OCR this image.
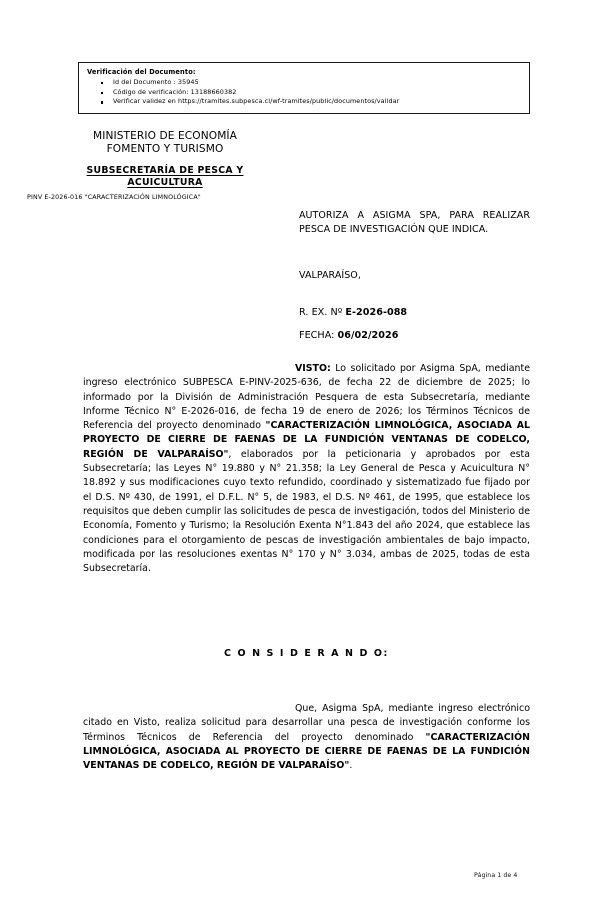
Verificación del Documento:
Id del Documento : 35945
Código de verificación: 13188660382
Verificar validez en https://tramites.subpesca.cl/wf-tramites/public/documentos/validar
MINISTERIO DE ECONOMÍA
FOMENTO Y TURISMO
SUBSECRETARÍA DE PESCA Y
ACUICULTURA
PINV E-2026-016 "CARACTERIZACIÓN LIMNOLÓGICA"
AUTORIZA A ASIGMA SPA, PARA REALIZAR PESCA DE INVESTIGACIÓN QUE INDICA.
VALPARAÍSO,
R. EX. Nº E-2026-088
FECHA: 06/02/2026
VISTO: Lo solicitado por Asigma SpA, mediante ingreso electrónico SUBPESCA E-PINV-2025-636, de fecha 22 de diciembre de 2025; lo informado por la División de Administración Pesquera de esta Subsecretaría, mediante Informe Técnico N° E-2026-016, de fecha 19 de enero de 2026; los Términos Técnicos de Referencia del proyecto denominado "CARACTERIZACIÓN LIMNOLÓGICA, ASOCIADA AL PROYECTO DE CIERRE DE FAENAS DE LA FUNDICIÓN VENTANAS DE CODELCO, REGIÓN DE VALPARAÍSO", elaborados por la peticionaria y aprobados por esta Subsecretaría; las Leyes N° 19.880 y N° 21.358; la Ley General de Pesca y Acuicultura N° 18.892 y sus modificaciones cuyo texto refundido, coordinado y sistematizado fue fijado por el D.S. Nº 430, de 1991, el D.F.L. N° 5, de 1983, el D.S. Nº 461, de 1995, que establece los requisitos que deben cumplir las solicitudes de pesca de investigación, todos del Ministerio de Economía, Fomento y Turismo; la Resolución Exenta N°1.843 del año 2024, que establece las condiciones para el otorgamiento de pescas de investigación ambientales de bajo impacto, modificada por las resoluciones exentas N° 170 y N° 3.034, ambas de 2025, todas de esta Subsecretaría.
C O N S I D E R A N D O:
Que, Asigma SpA, mediante ingreso electrónico citado en Visto, realiza solicitud para desarrollar una pesca de investigación conforme los Términos Técnicos de Referencia del proyecto denominado "CARACTERIZACIÓN LIMNOLÓGICA, ASOCIADA AL PROYECTO DE CIERRE DE FAENAS DE LA FUNDICIÓN VENTANAS DE CODELCO, REGIÓN DE VALPARAÍSO".
Página 1 de 4
